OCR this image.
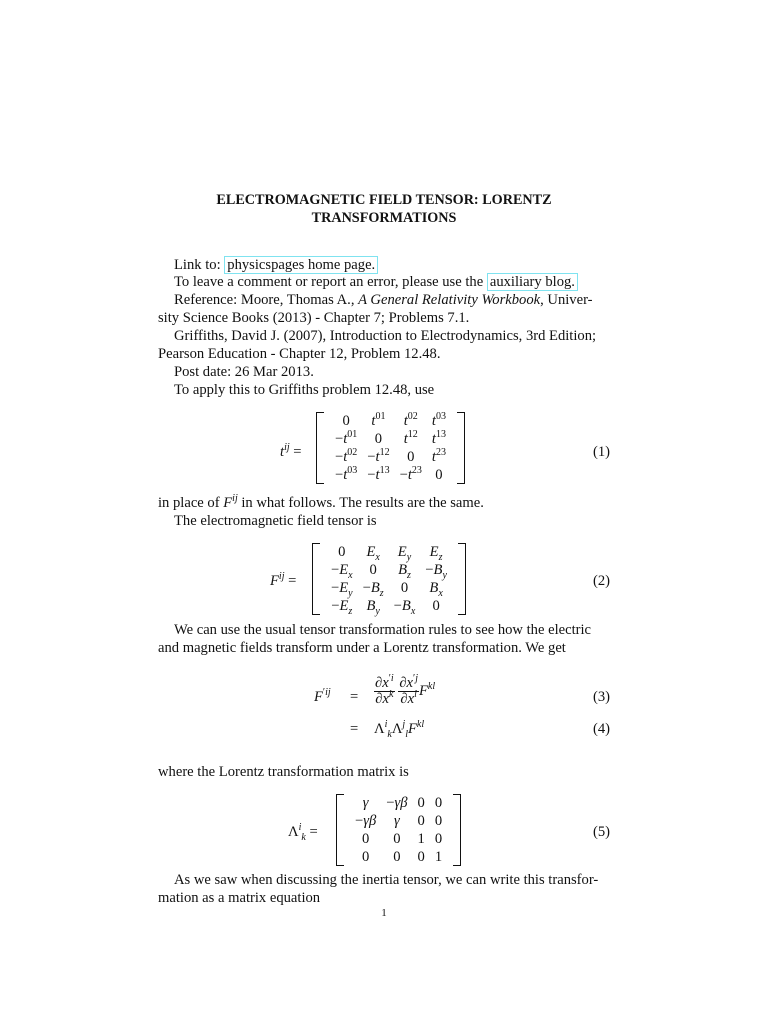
ELECTROMAGNETIC FIELD TENSOR: LORENTZ
TRANSFORMATIONS
Link to: physicspages home page.
To leave a comment or report an error, please use the auxiliary blog.
Reference: Moore, Thomas A., A General Relativity Workbook, Univer-
sity Science Books (2013) - Chapter 7; Problems 7.1.
Griffiths, David J. (2007), Introduction to Electrodynamics, 3rd Edition;
Pearson Education - Chapter 12, Problem 12.48.
Post date: 26 Mar 2013.
To apply this to Griffiths problem 12.48, use
$t^{ij}$ =
0	$t^{01}$	$t^{02}$	$t^{03}$
$-t^{01}$	0	$t^{12}$	$t^{13}$
$-t^{02}$	$-t^{12}$	0	$t^{23}$
$-t^{03}$	$-t^{13}$	$-t^{23}$	0
(1)
in place of $F^{ij}$ in what follows. The results are the same.
The electromagnetic field tensor is
$F^{ij}$ =
0	$E_x$	$E_y$	$E_z$
$-E_x$	0	$B_z$	$-B_y$
$-E_y$	$-B_z$	0	$B_x$
$-E_z$	$B_y$	$-B_x$	0
(2)
We can use the usual tensor transformation rules to see how the electric
and magnetic fields transform under a Lorentz transformation. We get
$F^{'ij} = \frac{\partial x^{'i}}{\partial x^k}$
$\frac{\partial x^{'j}}{\partial x^l} F^{kl}$
(3)
= $\Lambda^i_k\Lambda^j_lF^{kl}$	(4)
where the Lorentz transformation matrix is
$\Lambda^i_k$ =
γ	−γβ	0	0
−γβ	γ	0	0
0	0	1	0
0	0	0	1
(5)
As we saw when discussing the inertia tensor, we can write this transfor-
mation as a matrix equation
1
